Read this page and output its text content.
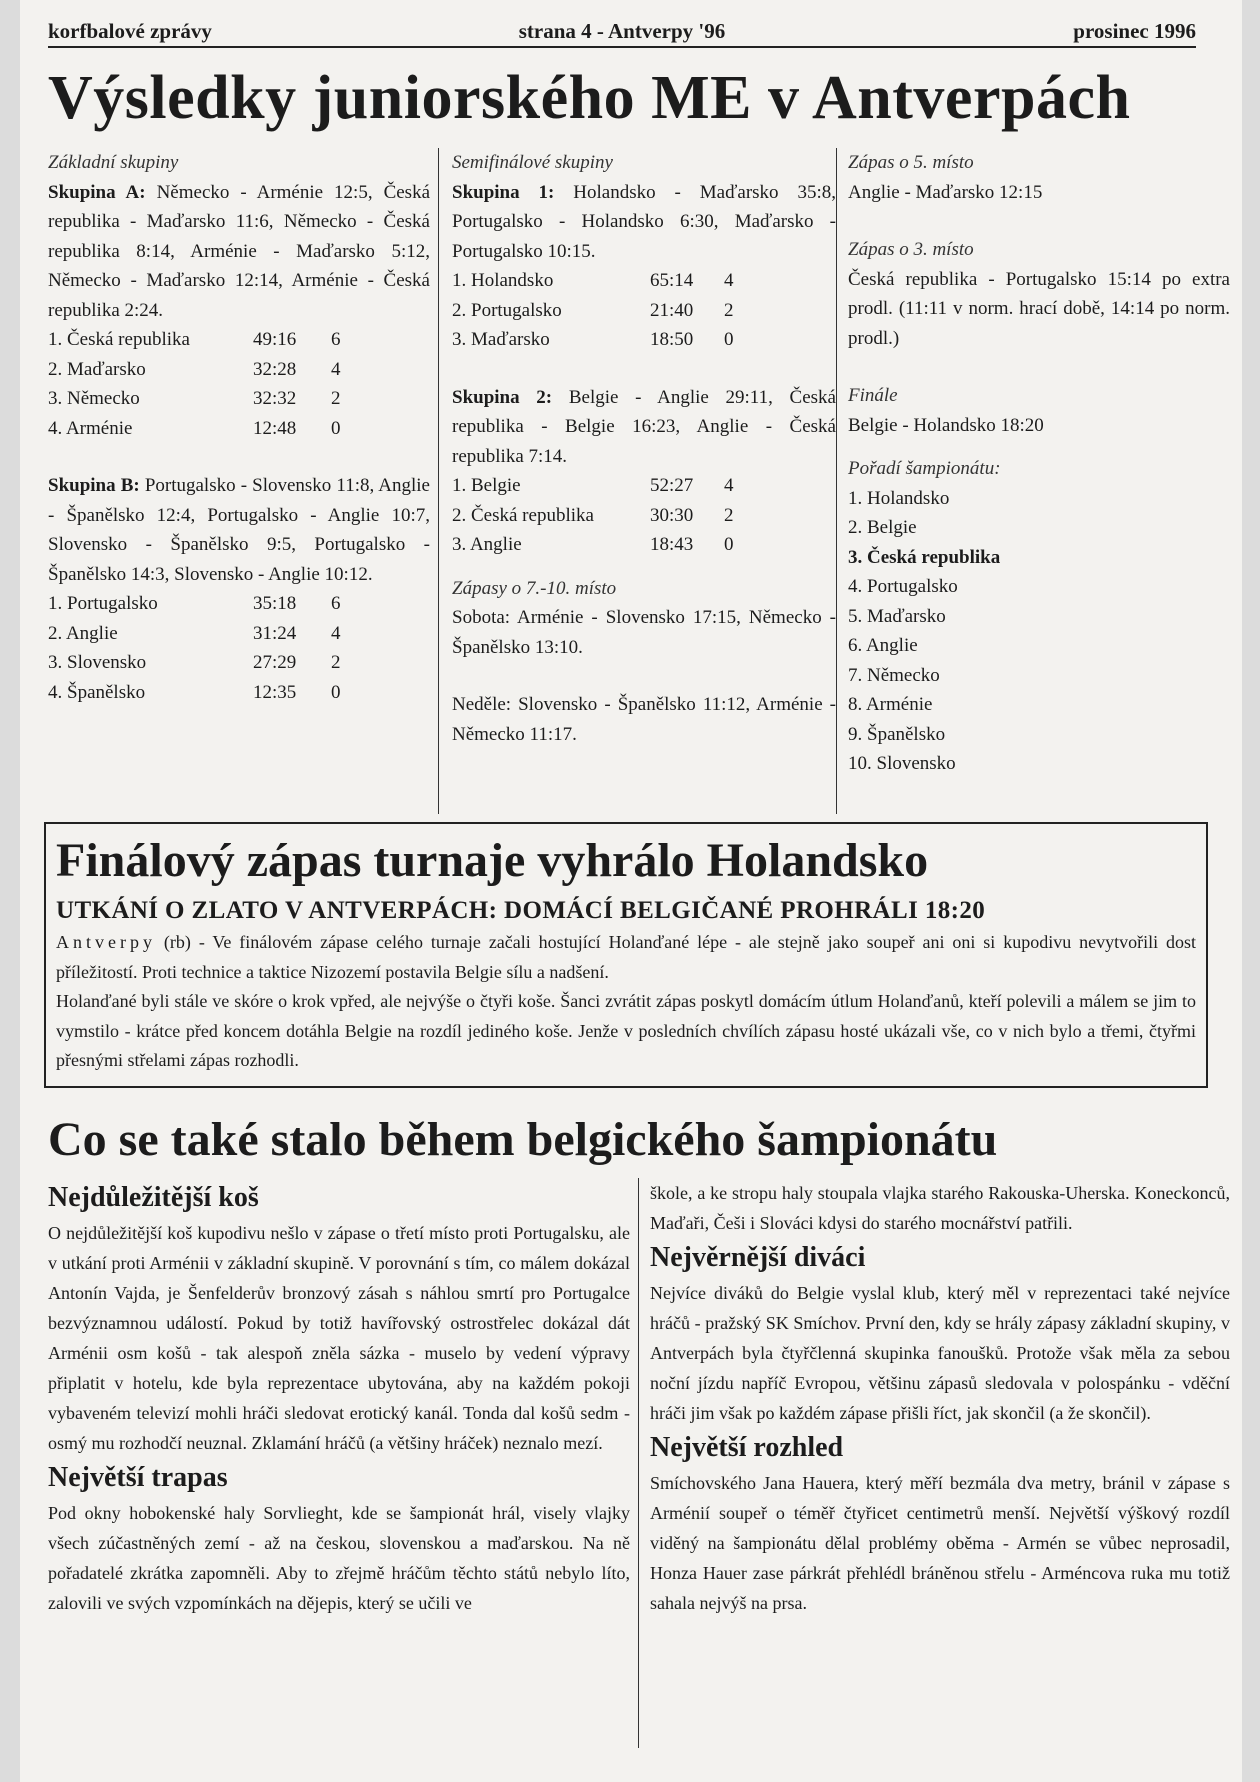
korfbalové zprávy	strana 4 - Antverpy '96	prosinec 1996
Výsledky juniorského ME v Antverpách
Základní skupiny
Skupina A: Německo - Arménie 12:5, Česká republika - Maďarsko 11:6, Německo - Česká republika 8:14, Arménie - Maďarsko 5:12, Německo - Maďarsko 12:14, Arménie - Česká republika 2:24.
1. Česká republika	49:16 6
2. Maďarsko	32:28 4
3. Německo	32:32 2
4. Arménie	12:48 0
Skupina B: Portugalsko - Slovensko 11:8, Anglie - Španělsko 12:4, Portugalsko - Anglie 10:7, Slovensko - Španělsko 9:5, Portugalsko - Španělsko 14:3, Slovensko - Anglie 10:12.
1. Portugalsko	35:18 6
2. Anglie	31:24 4
3. Slovensko	27:29 2
4. Španělsko	12:35 0
Semifinálové skupiny
Skupina 1: Holandsko - Maďarsko 35:8, Portugalsko - Holandsko 6:30, Maďarsko - Portugalsko 10:15.
1. Holandsko	65:14 4
2. Portugalsko	21:40 2
3. Maďarsko	18:50 0
Skupina 2: Belgie - Anglie 29:11, Česká republika - Belgie 16:23, Anglie - Česká republika 7:14.
1. Belgie	52:27 4
2. Česká republika	30:30 2
3. Anglie	18:43 0
Zápasy o 7.-10. místo
Sobota: Arménie - Slovensko 17:15, Německo - Španělsko 13:10.
Neděle: Slovensko - Španělsko 11:12, Arménie - Německo 11:17.
Zápas o 5. místo
Anglie - Maďarsko 12:15
Zápas o 3. místo
Česká republika - Portugalsko 15:14 po extra prodl. (11:11 v norm. hrací době, 14:14 po norm. prodl.)
Finále
Belgie - Holandsko 18:20
Pořadí šampionátu:
1. Holandsko
2. Belgie
3. Česká republika
4. Portugalsko
5. Maďarsko
6. Anglie
7. Německo
8. Arménie
9. Španělsko
10. Slovensko
Finálový zápas turnaje vyhrálo Holandsko
UTKÁNÍ O ZLATO V ANTVERPÁCH: DOMÁCÍ BELGIČANÉ PROHRÁLI 18:20

Antverpy (rb) - Ve finálovém zápase celého turnaje začali hostující Holanďané lépe - ale stejně jako soupeř ani oni si kupodivu nevytvořili dost příležitostí. Proti technice a taktice Nizozemí postavila Belgie sílu a nadšení.

Holanďané byli stále ve skóre o krok vpřed, ale nejvýše o čtyři koše. Šanci zvrátit zápas poskytl domácím útlum Holanďanů, kteří polevili a málem se jim to vymstilo - krátce před koncem dotáhla Belgie na rozdíl jediného koše. Jenže v posledních chvílích zápasu hosté ukázali vše, co v nich bylo a třemi, čtyřmi přesnými střelami zápas rozhodli.

Co se také stalo během belgického šampionátu
Nejdůležitější koš

O nejdůležitější koš kupodivu nešlo v zápase o třetí místo proti Portugalsku, ale v utkání proti Arménii v základní skupině. V porovnání s tím, co málem dokázal Antonín Vajda, je Šenfelderův bronzový zásah s náhlou smrtí pro Portugalce bezvýznamnou událostí. Pokud by totiž havířovský ostrostřelec dokázal dát Arménii osm košů - tak alespoň zněla sázka - muselo by vedení výpravy připlatit v hotelu, kde byla reprezentace ubytována, aby na každém pokoji vybaveném televizí mohli hráči sledovat erotický kanál. Tonda dal košů sedm - osmý mu rozhodčí neuznal. Zklamání hráčů (a většiny hráček) neznalo mezí.

Největší trapas

Pod okny hobokenské haly Sorvlieght, kde se šampionát hrál, visely vlajky všech zúčastněných zemí - až na českou, slovenskou a maďarskou. Na ně pořadatelé zkrátka zapomněli. Aby to zřejmě hráčům těchto států nebylo líto, zalovili ve svých vzpomínkách na dějepis, který se učili ve

škole, a ke stropu haly stoupala vlajka starého Rakouska-Uherska. Koneckonců, Maďaři, Češi i Slováci kdysi do starého mocnářství patřili.

Nejvěrnější diváci

Nejvíce diváků do Belgie vyslal klub, který měl v reprezentaci také nejvíce hráčů - pražský SK Smíchov. První den, kdy se hrály zápasy základní skupiny, v Antverpách byla čtyřčlenná skupinka fanoušků. Protože však měla za sebou noční jízdu napříč Evropou, většinu zápasů sledovala v polospánku - vděční hráči jim však po každém zápase přišli říct, jak skončil (a že skončil).

Největší rozhled

Smíchovského Jana Hauera, který měří bezmála dva metry, bránil v zápase s Arménií soupeř o téměř čtyřicet centimetrů menší. Největší výškový rozdíl viděný na šampionátu dělal problémy oběma - Armén se vůbec neprosadil, Honza Hauer zase párkrát přehlédl bráněnou střelu - Arméncova ruka mu totiž sahala nejvýš na prsa.
